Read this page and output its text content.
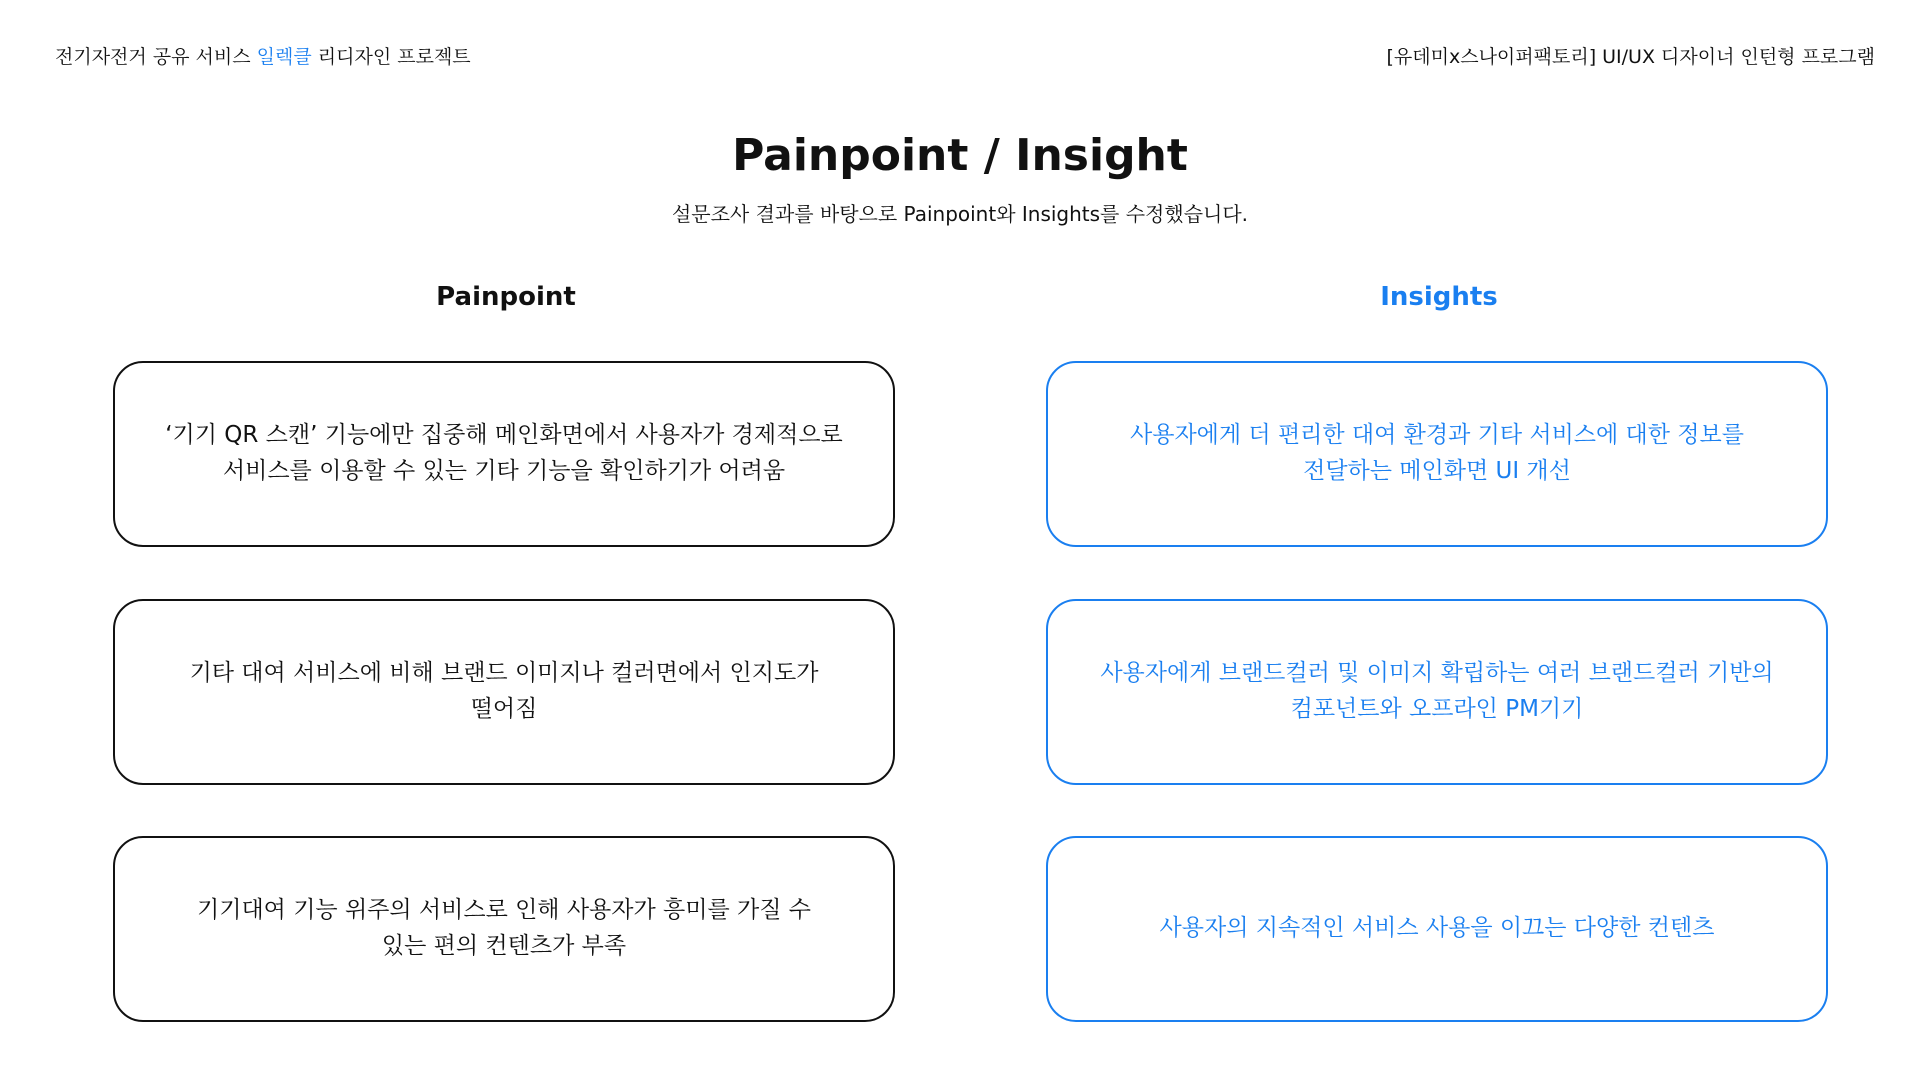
전기자전거 공유 서비스 일렉클 리디자인 프로젝트	[유데미x스나이퍼팩토리] UI/UX 디자이너 인턴형 프로그램
Painpoint / Insight

설문조사 결과를 바탕으로 Painpoint와 Insights를 수정했습니다.

Painpoint	Insights
‘기기 QR 스캔’ 기능에만 집중해 메인화면에서 사용자가 경제적으로
서비스를 이용할 수 있는 기타 기능을 확인하기가 어려움
기타 대여 서비스에 비해 브랜드 이미지나 컬러면에서 인지도가
떨어짐
기기대여 기능 위주의 서비스로 인해 사용자가 흥미를 가질 수
있는 편의 컨텐츠가 부족
사용자에게 더 편리한 대여 환경과 기타 서비스에 대한 정보를
전달하는 메인화면 UI 개선
사용자에게 브랜드컬러 및 이미지 확립하는 여러 브랜드컬러 기반의
컴포넌트와 오프라인 PM기기
사용자의 지속적인 서비스 사용을 이끄는 다양한 컨텐츠
